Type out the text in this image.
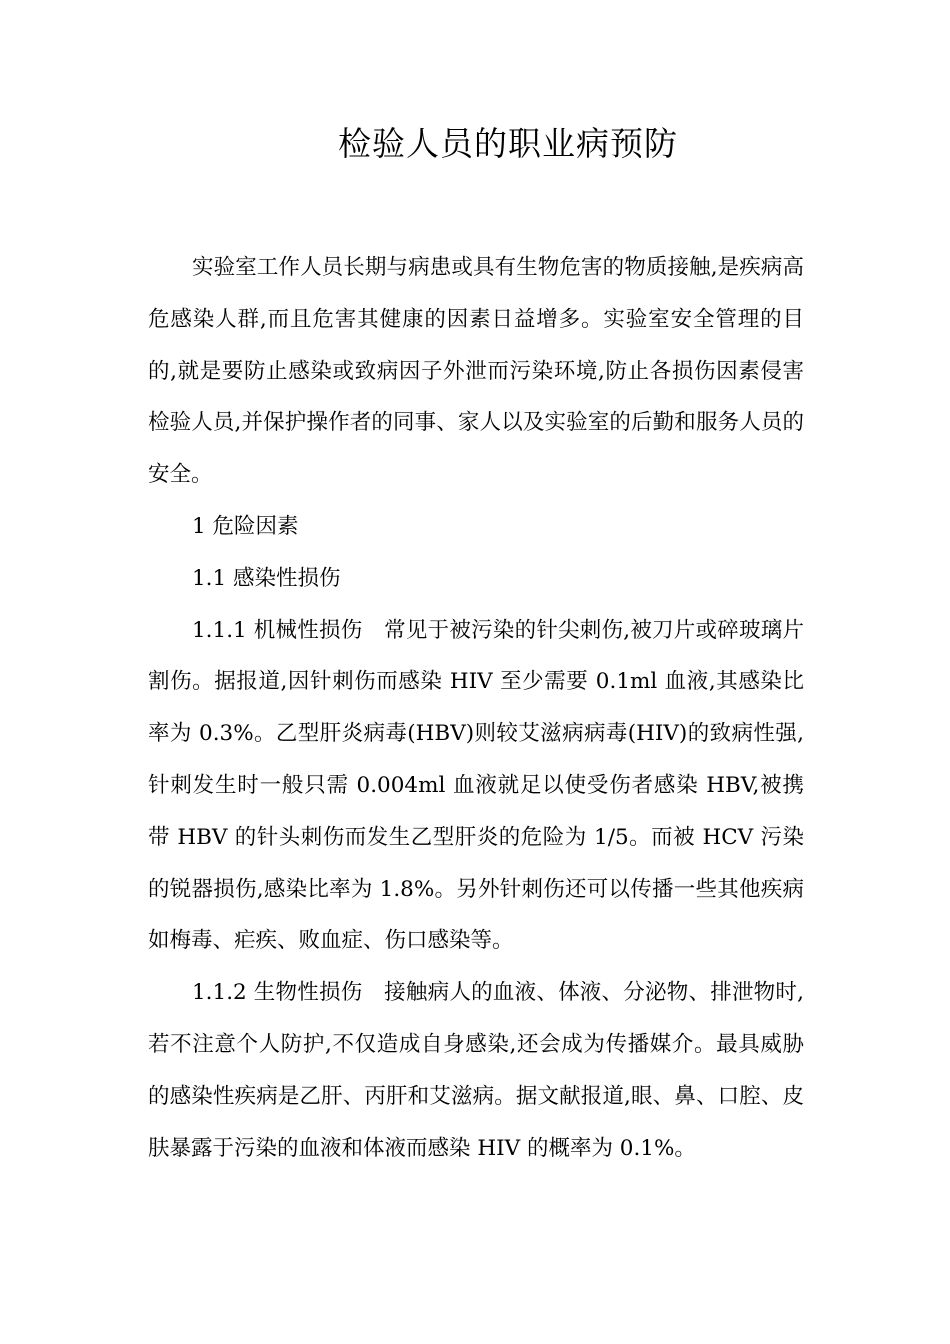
检验人员的职业病预防

实验室工作人员长期与病患或具有生物危害的物质接触,是疾病高危感染人群,而且危害其健康的因素日益增多。实验室安全管理的目的,就是要防止感染或致病因子外泄而污染环境,防止各损伤因素侵害检验人员,并保护操作者的同事、家人以及实验室的后勤和服务人员的安全。

1 危险因素

1.1 感染性损伤

1.1.1 机械性损伤　常见于被污染的针尖刺伤,被刀片或碎玻璃片割伤。据报道,因针刺伤而感染 HIV 至少需要 0.1ml 血液,其感染比率为 0.3%。乙型肝炎病毒(HBV)则较艾滋病病毒(HIV)的致病性强,针刺发生时一般只需 0.004ml 血液就足以使受伤者感染 HBV,被携带 HBV 的针头刺伤而发生乙型肝炎的危险为 1/5。而被 HCV 污染的锐器损伤,感染比率为 1.8%。另外针刺伤还可以传播一些其他疾病如梅毒、疟疾、败血症、伤口感染等。

1.1.2 生物性损伤　接触病人的血液、体液、分泌物、排泄物时,若不注意个人防护,不仅造成自身感染,还会成为传播媒介。最具威胁的感染性疾病是乙肝、丙肝和艾滋病。据文献报道,眼、鼻、口腔、皮肤暴露于污染的血液和体液而感染 HIV 的概率为 0.1%。
